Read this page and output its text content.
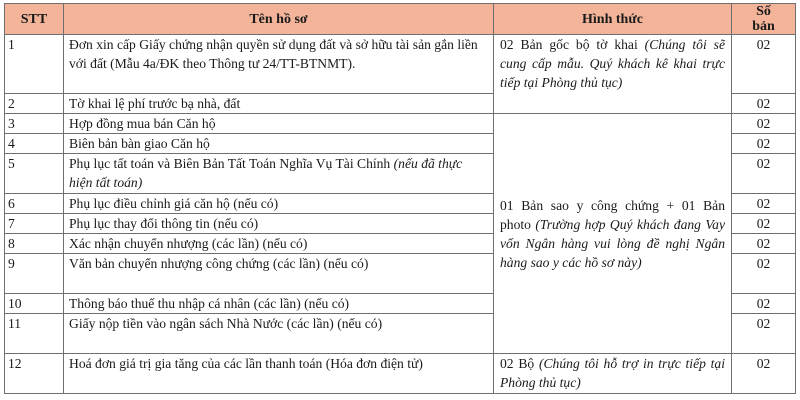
STT	Tên hồ sơ	Hình thức	Số
bản
1	Đơn xin cấp Giấy chứng nhận quyền sử dụng đất và sở hữu tài sản gắn liền với đất (Mẫu 4a/ĐK theo Thông tư 24/TT-BTNMT).	02 Bản gốc bộ tờ khai (Chúng tôi sẽ cung cấp mẫu. Quý khách kê khai trực tiếp tại Phòng thủ tục)	02
2	Tờ khai lệ phí trước bạ nhà, đất		02
3	Hợp đồng mua bán Căn hộ	01 Bản sao y công chứng + 01 Bản photo (Trường hợp Quý khách đang Vay vốn Ngân hàng vui lòng đề nghị Ngân hàng sao y các hồ sơ này)	02
4	Biên bản bàn giao Căn hộ		02
5	Phụ lục tất toán và Biên Bản Tất Toán Nghĩa Vụ Tài Chính (nếu đã thực hiện tất toán)		02
6	Phụ lục điều chỉnh giá căn hộ (nếu có)		02
7	Phụ lục thay đổi thông tin (nếu có)		02
8	Xác nhận chuyển nhượng (các lần) (nếu có)		02
9	Văn bản chuyển nhượng công chứng (các lần) (nếu có)		02
10	Thông báo thuế thu nhập cá nhân (các lần) (nếu có)		02
11	Giấy nộp tiền vào ngân sách Nhà Nước (các lần) (nếu có)		02
12	Hoá đơn giá trị gia tăng của các lần thanh toán (Hóa đơn điện tử)	02 Bộ (Chúng tôi hỗ trợ in trực tiếp tại Phòng thủ tục)	02
